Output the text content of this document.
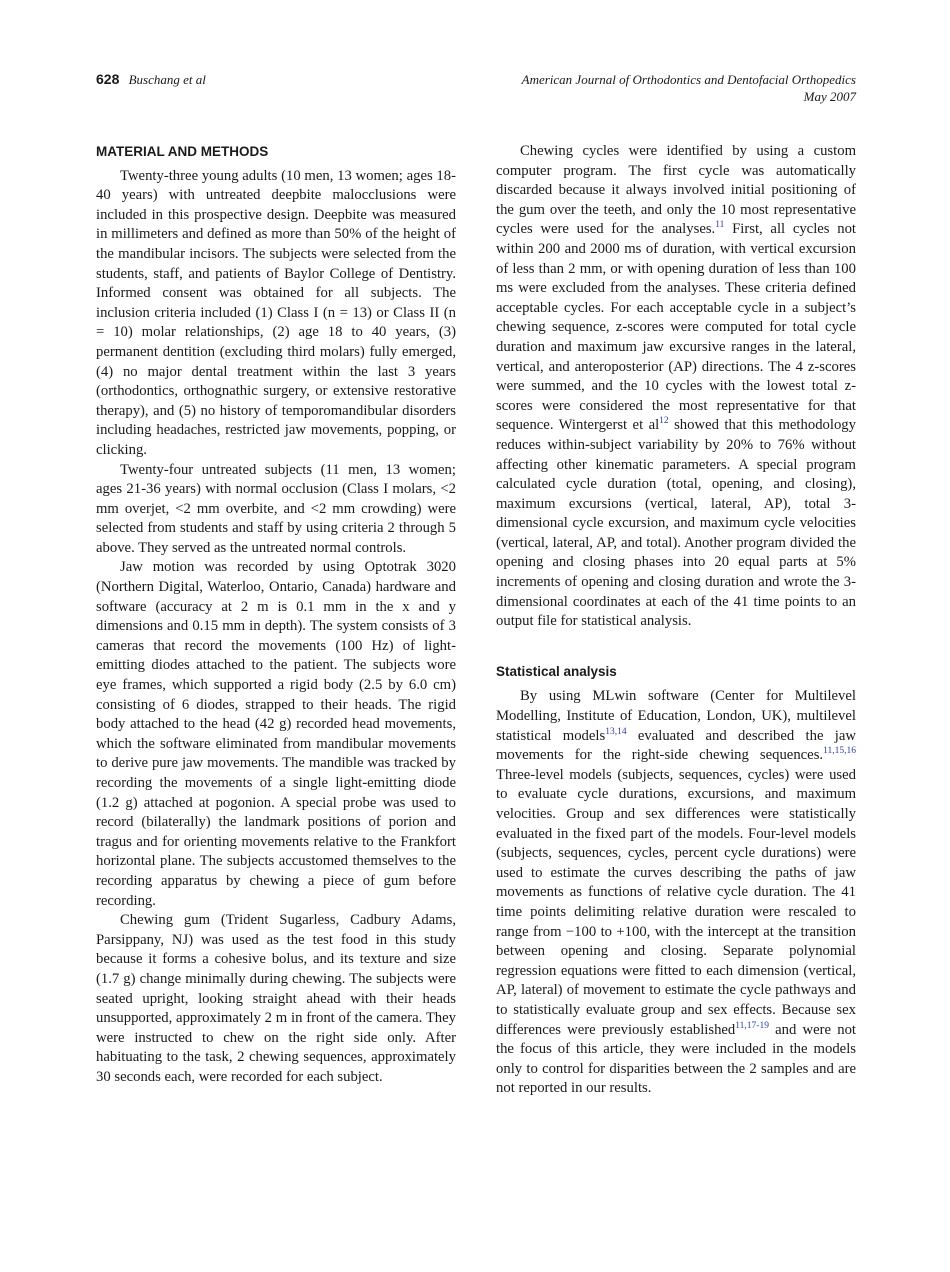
628 Buschang et al	American Journal of Orthodontics and Dentofacial Orthopedics
May 2007
MATERIAL AND METHODS

Twenty-three young adults (10 men, 13 women; ages 18-40 years) with untreated deepbite malocclusions were included in this prospective design. Deepbite was measured in millimeters and defined as more than 50% of the height of the mandibular incisors. The subjects were selected from the students, staff, and patients of Baylor College of Dentistry. Informed consent was obtained for all subjects. The inclusion criteria included (1) Class I (n = 13) or Class II (n = 10) molar relationships, (2) age 18 to 40 years, (3) permanent dentition (excluding third molars) fully emerged, (4) no major dental treatment within the last 3 years (orthodontics, orthognathic surgery, or extensive restorative therapy), and (5) no history of temporomandibular disorders including headaches, restricted jaw movements, popping, or clicking.

Twenty-four untreated subjects (11 men, 13 women; ages 21-36 years) with normal occlusion (Class I molars, <2 mm overjet, <2 mm overbite, and <2 mm crowding) were selected from students and staff by using criteria 2 through 5 above. They served as the untreated normal controls.

Jaw motion was recorded by using Optotrak 3020 (Northern Digital, Waterloo, Ontario, Canada) hardware and software (accuracy at 2 m is 0.1 mm in the x and y dimensions and 0.15 mm in depth). The system consists of 3 cameras that record the movements (100 Hz) of light-emitting diodes attached to the patient. The subjects wore eye frames, which supported a rigid body (2.5 by 6.0 cm) consisting of 6 diodes, strapped to their heads. The rigid body attached to the head (42 g) recorded head movements, which the software eliminated from mandibular movements to derive pure jaw movements. The mandible was tracked by recording the movements of a single light-emitting diode (1.2 g) attached at pogonion. A special probe was used to record (bilaterally) the landmark positions of porion and tragus and for orienting movements relative to the Frankfort horizontal plane. The subjects accustomed themselves to the recording apparatus by chewing a piece of gum before recording.

Chewing gum (Trident Sugarless, Cadbury Adams, Parsippany, NJ) was used as the test food in this study because it forms a cohesive bolus, and its texture and size (1.7 g) change minimally during chewing. The subjects were seated upright, looking straight ahead with their heads unsupported, approximately 2 m in front of the camera. They were instructed to chew on the right side only. After habituating to the task, 2 chewing sequences, approximately 30 seconds each, were recorded for each subject.

Chewing cycles were identified by using a custom computer program. The first cycle was automatically discarded because it always involved initial positioning of the gum over the teeth, and only the 10 most representative cycles were used for the analyses.$^{11}$ First, all cycles not within 200 and 2000 ms of duration, with vertical excursion of less than 2 mm, or with opening duration of less than 100 ms were excluded from the analyses. These criteria defined acceptable cycles. For each acceptable cycle in a subject’s chewing sequence, z-scores were computed for total cycle duration and maximum jaw excursive ranges in the lateral, vertical, and anteroposterior (AP) directions. The 4 z-scores were summed, and the 10 cycles with the lowest total z-scores were considered the most representative for that sequence. Wintergerst et al$^{12}$ showed that this methodology reduces within-subject variability by 20% to 76% without affecting other kinematic parameters. A special program calculated cycle duration (total, opening, and closing), maximum excursions (vertical, lateral, AP), total 3-dimensional cycle excursion, and maximum cycle velocities (vertical, lateral, AP, and total). Another program divided the opening and closing phases into 20 equal parts at 5% increments of opening and closing duration and wrote the 3-dimensional coordinates at each of the 41 time points to an output file for statistical analysis.

Statistical analysis

By using MLwin software (Center for Multilevel Modelling, Institute of Education, London, UK), multilevel statistical models$^{13,14}$ evaluated and described the jaw movements for the right-side chewing sequences.$^{11,15,16}$ Three-level models (subjects, sequences, cycles) were used to evaluate cycle durations, excursions, and maximum velocities. Group and sex differences were statistically evaluated in the fixed part of the models. Four-level models (subjects, sequences, cycles, percent cycle durations) were used to estimate the curves describing the paths of jaw movements as functions of relative cycle duration. The 41 time points delimiting relative duration were rescaled to range from −100 to +100, with the intercept at the transition between opening and closing. Separate polynomial regression equations were fitted to each dimension (vertical, AP, lateral) of movement to estimate the cycle pathways and to statistically evaluate group and sex effects. Because sex differences were previously established$^{11,17-19}$ and were not the focus of this article, they were included in the models only to control for disparities between the 2 samples and are not reported in our results.
